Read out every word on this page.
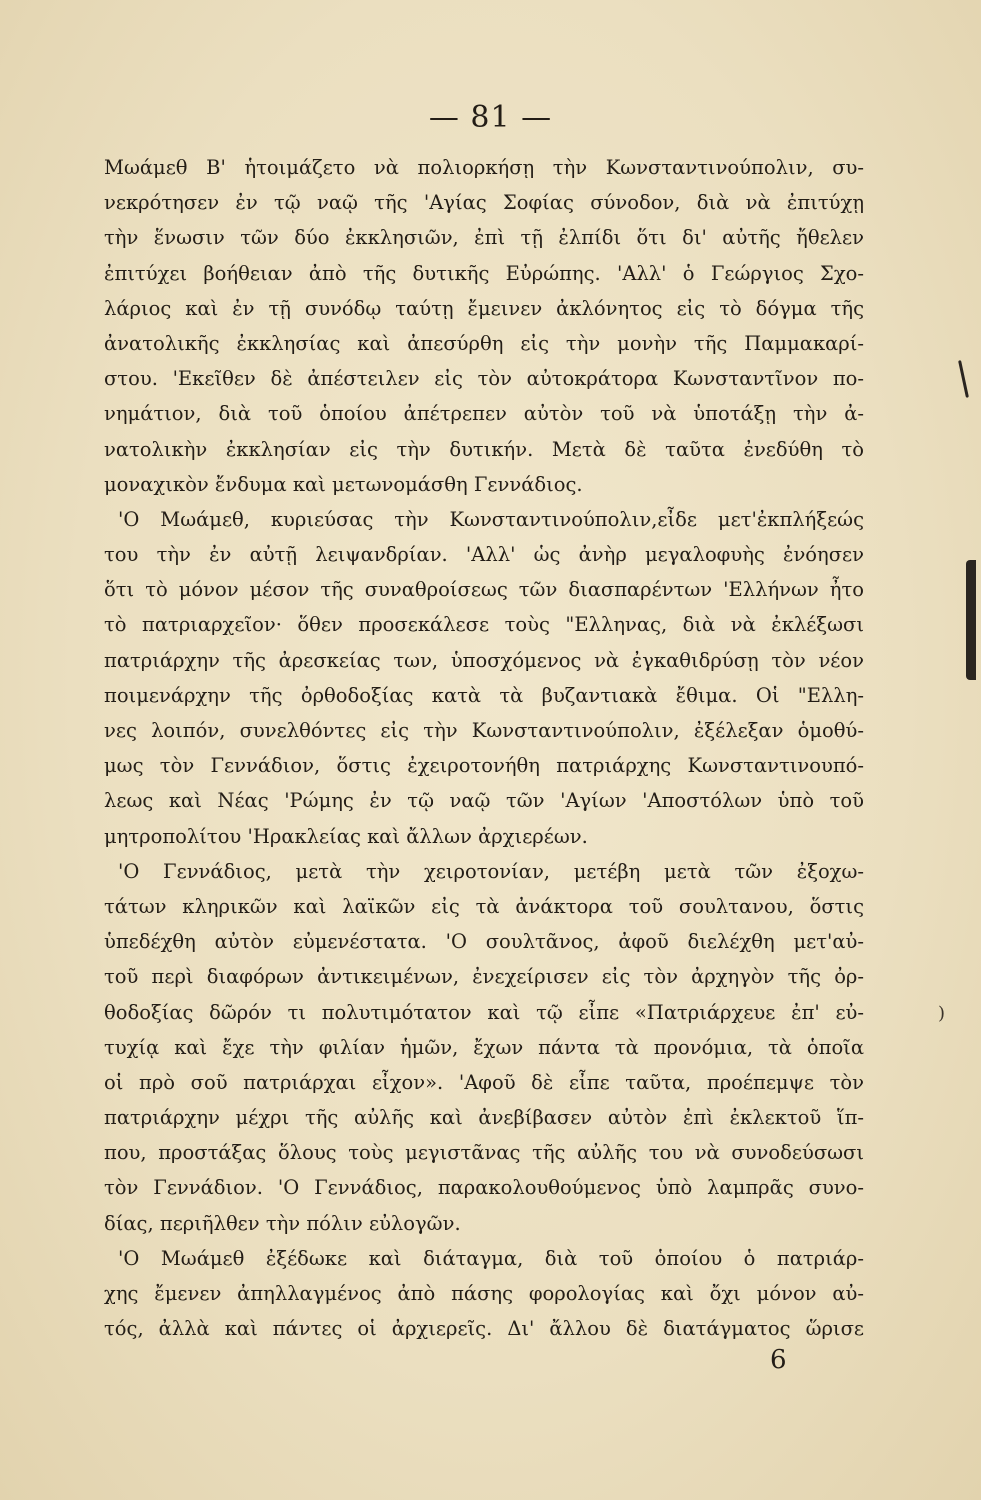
— 81 —
Μωάμεθ Β' ἡτοιμάζετο νὰ πολιορκήσῃ τὴν Κωνσταντινούπολιν, συ-
νεκρότησεν ἐν τῷ ναῷ τῆς 'Αγίας Σοφίας σύνοδον, διὰ νὰ ἐπιτύχῃ
τὴν ἕνωσιν τῶν δύο ἐκκλησιῶν, ἐπὶ τῇ ἐλπίδι ὅτι δι' αὐτῆς ἤθελεν
ἐπιτύχει βοήθειαν ἀπὸ τῆς δυτικῆς Εὐρώπης. 'Αλλ' ὁ Γεώργιος Σχο-
λάριος καὶ ἐν τῇ συνόδῳ ταύτῃ ἔμεινεν ἀκλόνητος εἰς τὸ δόγμα τῆς
ἀνατολικῆς ἐκκλησίας καὶ ἀπεσύρθη εἰς τὴν μονὴν τῆς Παμμακαρί-
στου. 'Εκεῖθεν δὲ ἀπέστειλεν εἰς τὸν αὐτοκράτορα Κωνσταντῖνον πο-
νημάτιον, διὰ τοῦ ὁποίου ἀπέτρεπεν αὐτὸν τοῦ νὰ ὑποτάξῃ τὴν ἀ-
νατολικὴν ἐκκλησίαν εἰς τὴν δυτικήν. Μετὰ δὲ ταῦτα ἐνεδύθη τὸ
μοναχικὸν ἔνδυμα καὶ μετωνομάσθη Γεννάδιος.
'Ο Μωάμεθ, κυριεύσας τὴν Κωνσταντινούπολιν,εἶδε μετ'ἐκπλήξεώς
του τὴν ἐν αὐτῇ λειψανδρίαν. 'Αλλ' ὡς ἀνὴρ μεγαλοφυὴς ἐνόησεν
ὅτι τὸ μόνον μέσον τῆς συναθροίσεως τῶν διασπαρέντων 'Ελλήνων ἦτο
τὸ πατριαρχεῖον· ὅθεν προσεκάλεσε τοὺς "Ελληνας, διὰ νὰ ἐκλέξωσι
πατριάρχην τῆς ἀρεσκείας των, ὑποσχόμενος νὰ ἐγκαθιδρύσῃ τὸν νέον
ποιμενάρχην τῆς ὀρθοδοξίας κατὰ τὰ βυζαντιακὰ ἔθιμα. Οἱ "Ελλη-
νες λοιπόν, συνελθόντες εἰς τὴν Κωνσταντινούπολιν, ἐξέλεξαν ὁμοθύ-
μως τὸν Γεννάδιον, ὅστις ἐχειροτονήθη πατριάρχης Κωνσταντινουπό-
λεως καὶ Νέας 'Ρώμης ἐν τῷ ναῷ τῶν 'Αγίων 'Αποστόλων ὑπὸ τοῦ
μητροπολίτου 'Ηρακλείας καὶ ἄλλων ἀρχιερέων.
'Ο Γεννάδιος, μετὰ τὴν χειροτονίαν, μετέβη μετὰ τῶν ἐξοχω-
τάτων κληρικῶν καὶ λαϊκῶν εἰς τὰ ἀνάκτορα τοῦ σουλτανου, ὅστις
ὑπεδέχθη αὐτὸν εὐμενέστατα. 'Ο σουλτᾶνος, ἀφοῦ διελέχθη μετ'αὐ-
τοῦ περὶ διαφόρων ἀντικειμένων, ἐνεχείρισεν εἰς τὸν ἀρχηγὸν τῆς ὀρ-
θοδοξίας δῶρόν τι πολυτιμότατον καὶ τῷ εἶπε «Πατριάρχευε ἐπ' εὐ-
τυχίᾳ καὶ ἔχε τὴν φιλίαν ἡμῶν, ἔχων πάντα τὰ προνόμια, τὰ ὁποῖα
οἱ πρὸ σοῦ πατριάρχαι εἶχον». 'Αφοῦ δὲ εἶπε ταῦτα, προέπεμψε τὸν
πατριάρχην μέχρι τῆς αὐλῆς καὶ ἀνεβίβασεν αὐτὸν ἐπὶ ἐκλεκτοῦ ἵπ-
που, προστάξας ὅλους τοὺς μεγιστᾶνας τῆς αὐλῆς του νὰ συνοδεύσωσι
τὸν Γεννάδιον. 'Ο Γεννάδιος, παρακολουθούμενος ὑπὸ λαμπρᾶς συνο-
δίας, περιῆλθεν τὴν πόλιν εὐλογῶν.
'Ο Μωάμεθ ἐξέδωκε καὶ διάταγμα, διὰ τοῦ ὁποίου ὁ πατριάρ-
χης ἔμενεν ἀπηλλαγμένος ἀπὸ πάσης φορολογίας καὶ ὄχι μόνον αὐ-
τός, ἀλλὰ καὶ πάντες οἱ ἀρχιερεῖς. Δι' ἄλλου δὲ διατάγματος ὥρισε
6
)
